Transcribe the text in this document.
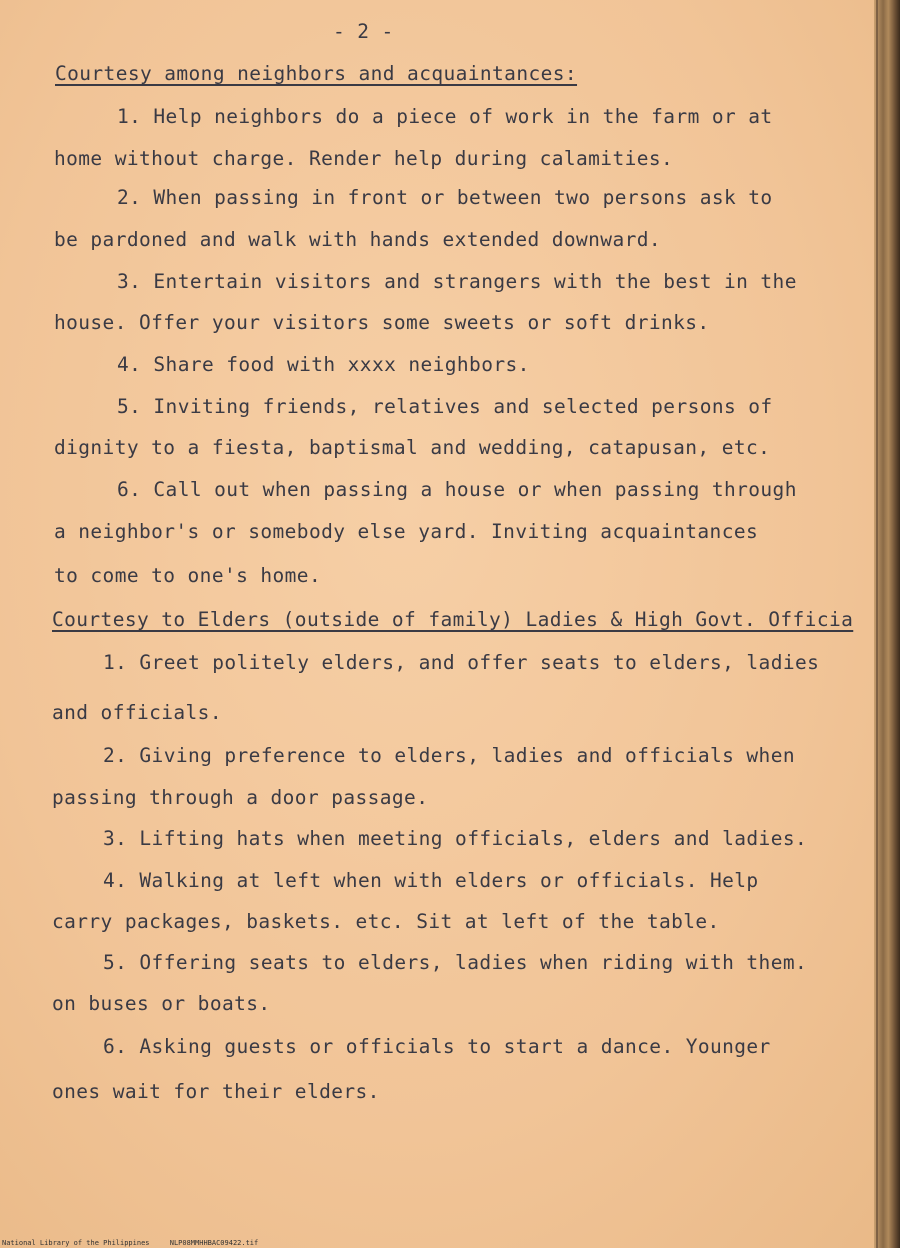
- 2 -
Courtesy among neighbors and acquaintances:
1. Help neighbors do a piece of work in the farm or at
home without charge. Render help during calamities.
2. When passing in front or between two persons ask to
be pardoned and walk with hands extended downward.
3. Entertain visitors and strangers with the best in the
house. Offer your visitors some sweets or soft drinks.
4. Share food with xxxx neighbors.
5. Inviting friends, relatives and selected persons of
dignity to a fiesta, baptismal and wedding, catapusan, etc.
6. Call out when passing a house or when passing through
a neighbor's or somebody else yard. Inviting acquaintances
to come to one's home.
Courtesy to Elders (outside of family) Ladies & High Govt. Officia
1. Greet politely elders, and offer seats to elders, ladies
and officials.
2. Giving preference to elders, ladies and officials when
passing through a door passage.
3. Lifting hats when meeting officials, elders and ladies.
4. Walking at left when with elders or officials. Help
carry packages, baskets. etc. Sit at left of the table.
5. Offering seats to elders, ladies when riding with them.
on buses or boats.
6. Asking guests or officials to start a dance. Younger
ones wait for their elders.
National Library of the Philippines	NLP08MMHHBAC09422.tif
